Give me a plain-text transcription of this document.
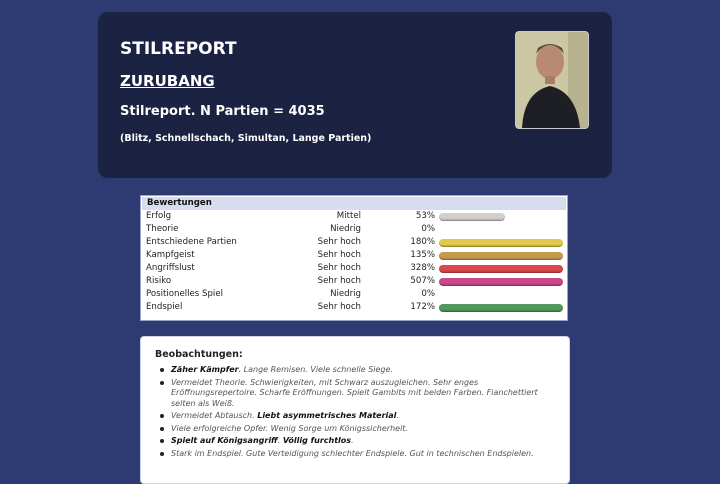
STILREPORT
ZURUBANG
Stilreport. N Partien = 4035
(Blitz, Schnellschach, Simultan, Lange Partien)
Bewertungen
Erfolg	Mittel	53%
Theorie	Niedrig	0%
Entschiedene Partien	Sehr hoch	180%
Kampfgeist	Sehr hoch	135%
Angriffslust	Sehr hoch	328%
Risiko	Sehr hoch	507%
Positionelles Spiel	Niedrig	0%
Endspiel	Sehr hoch	172%
Beobachtungen:
Zäher Kämpfer. Lange Remisen. Viele schnelle Siege.
Vermeidet Theorie. Schwierigkeiten, mit Schwarz auszugleichen. Sehr enges Eröffnungsrepertoire. Scharfe Eröffnungen. Spielt Gambits mit beiden Farben. Fianchettiert selten als Weiß.
Vermeidet Abtausch. Liebt asymmetrisches Material.
Viele erfolgreiche Opfer. Wenig Sorge um Königssicherheit.
Spielt auf Königsangriff. Völlig furchtlos.
Stark im Endspiel. Gute Verteidigung schlechter Endspiele. Gut in technischen Endspielen.
